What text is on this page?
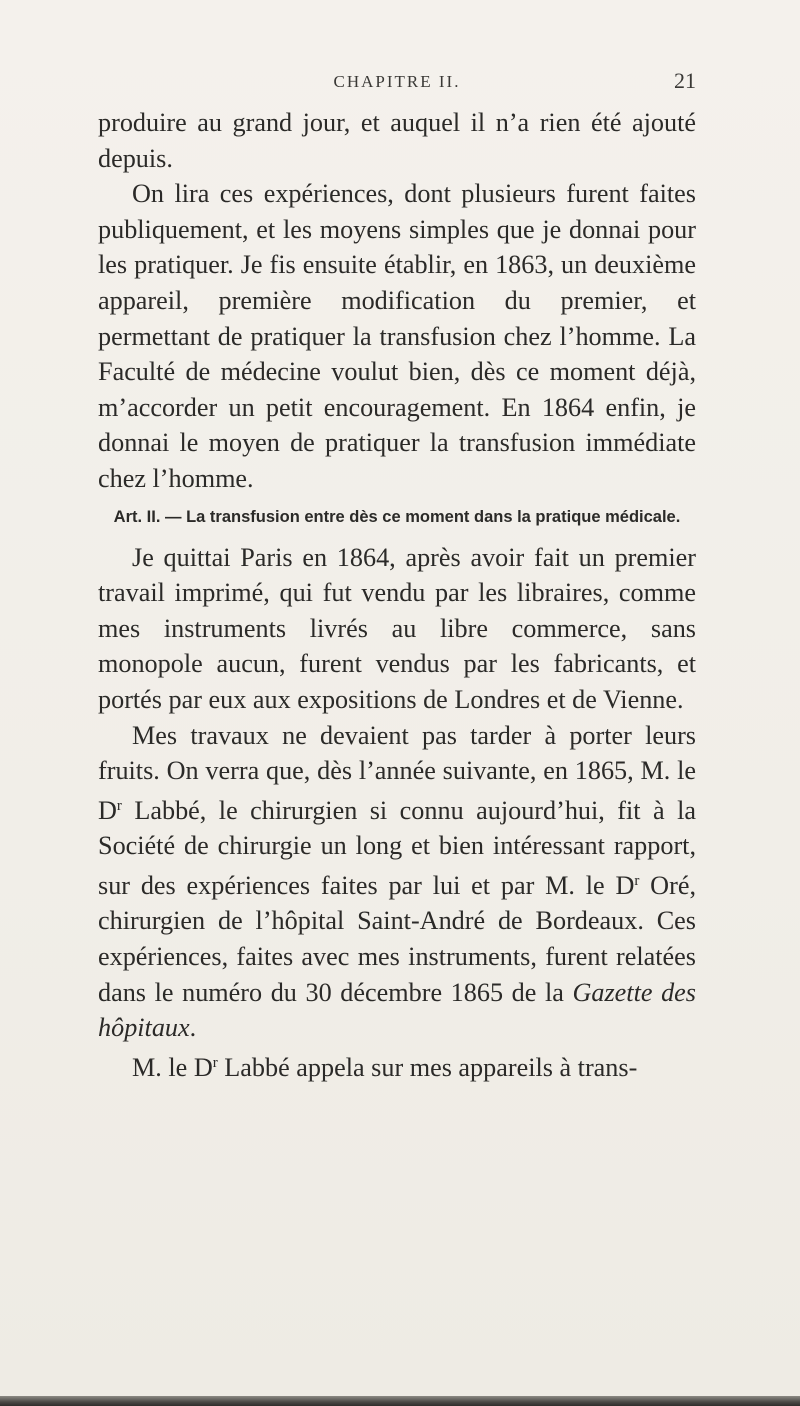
CHAPITRE II.	21

produire au grand jour, et auquel il n’a rien été ajouté depuis.

On lira ces expériences, dont plusieurs furent faites publiquement, et les moyens simples que je donnai pour les pratiquer. Je fis ensuite établir, en 1863, un deuxième appareil, première modification du premier, et permettant de pratiquer la transfusion chez l’homme. La Faculté de médecine voulut bien, dès ce moment déjà, m’accorder un petit encouragement. En 1864 enfin, je donnai le moyen de pratiquer la transfusion immédiate chez l’homme.

Art. II. — La transfusion entre dès ce moment dans la pratique médicale.

Je quittai Paris en 1864, après avoir fait un premier travail imprimé, qui fut vendu par les libraires, comme mes instruments livrés au libre commerce, sans monopole aucun, furent vendus par les fabricants, et portés par eux aux expositions de Londres et de Vienne.

Mes travaux ne devaient pas tarder à porter leurs fruits. On verra que, dès l’année suivante, en 1865, M. le $D^r$ Labbé, le chirurgien si connu aujourd’hui, fit à la Société de chirurgie un long et bien intéressant rapport, sur des expériences faites par lui et par M. le $D^r$ Oré, chirurgien de l’hôpital Saint-André de Bordeaux. Ces expériences, faites avec mes instruments, furent relatées dans le numéro du 30 décembre 1865 de la Gazette des hôpitaux.

M. le $D^r$ Labbé appela sur mes appareils à trans-
